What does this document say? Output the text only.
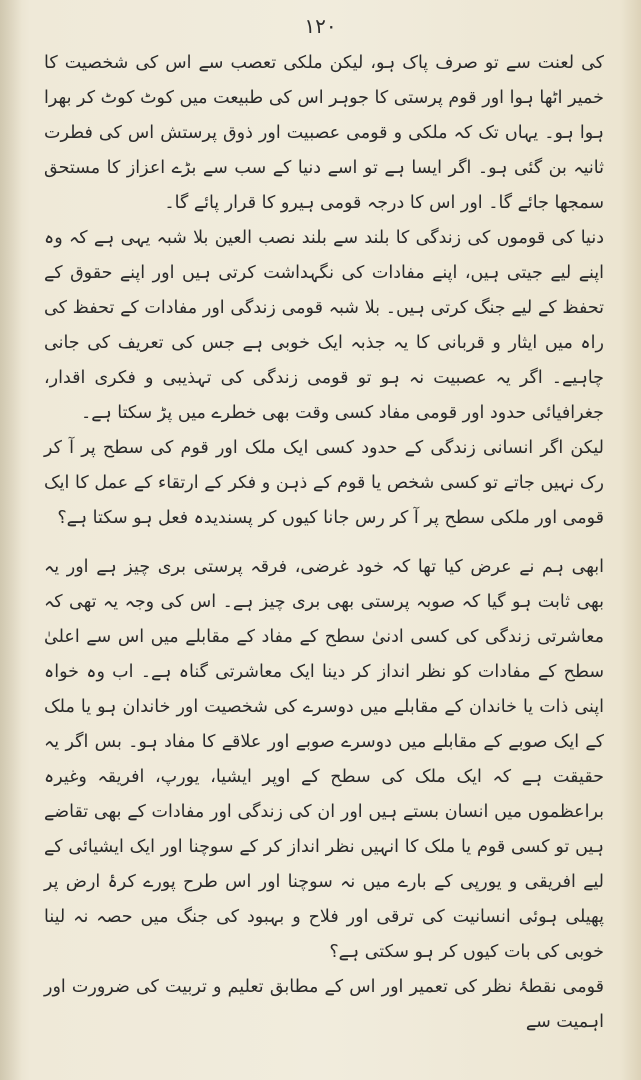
۱۲۰

کی لعنت سے تو صرف پاک ہو، لیکن ملکی تعصب سے اس کی شخصیت کا خمیر اٹھا ہوا اور قوم پرستی کا جوہر اس کی طبیعت میں کوٹ کوٹ کر بھرا ہوا ہو۔ یہاں تک کہ ملکی و قومی عصبیت اور ذوق پرستش اس کی فطرت ثانیہ بن گئی ہو۔ اگر ایسا ہے تو اسے دنیا کے سب سے بڑے اعزاز کا مستحق سمجھا جائے گا۔ اور اس کا درجہ قومی ہیرو کا قرار پائے گا۔

دنیا کی قوموں کی زندگی کا بلند سے بلند نصب العین بلا شبہ یہی ہے کہ وہ اپنے لیے جیتی ہیں، اپنے مفادات کی نگہداشت کرتی ہیں اور اپنے حقوق کے تحفظ کے لیے جنگ کرتی ہیں۔ بلا شبہ قومی زندگی اور مفادات کے تحفظ کی راہ میں ایثار و قربانی کا یہ جذبہ ایک خوبی ہے جس کی تعریف کی جانی چاہیے۔ اگر یہ عصبیت نہ ہو تو قومی زندگی کی تہذیبی و فکری اقدار، جغرافیائی حدود اور قومی مفاد کسی وقت بھی خطرے میں پڑ سکتا ہے۔

لیکن اگر انسانی زندگی کے حدود کسی ایک ملک اور قوم کی سطح پر آ کر رک نہیں جاتے تو کسی شخص یا قوم کے ذہن و فکر کے ارتقاء کے عمل کا ایک قومی اور ملکی سطح پر آ کر رس جانا کیوں کر پسندیدہ فعل ہو سکتا ہے؟

ابھی ہم نے عرض کیا تھا کہ خود غرضی، فرقہ پرستی بری چیز ہے اور یہ بھی ثابت ہو گیا کہ صوبہ پرستی بھی بری چیز ہے۔ اس کی وجہ یہ تھی کہ معاشرتی زندگی کی کسی ادنیٰ سطح کے مفاد کے مقابلے میں اس سے اعلیٰ سطح کے مفادات کو نظر انداز کر دینا ایک معاشرتی گناہ ہے۔ اب وہ خواہ اپنی ذات یا خاندان کے مقابلے میں دوسرے کی شخصیت اور خاندان ہو یا ملک کے ایک صوبے کے مقابلے میں دوسرے صوبے اور علاقے کا مفاد ہو۔ بس اگر یہ حقیقت ہے کہ ایک ملک کی سطح کے اوپر ایشیا، یورپ، افریقہ وغیرہ براعظموں میں انسان بستے ہیں اور ان کی زندگی اور مفادات کے بھی تقاضے ہیں تو کسی قوم یا ملک کا انہیں نظر انداز کر کے سوچنا اور ایک ایشیائی کے لیے افریقی و یورپی کے بارے میں نہ سوچنا اور اس طرح پورے کرۂ ارض پر پھیلی ہوئی انسانیت کی ترقی اور فلاح و بہبود کی جنگ میں حصہ نہ لینا خوبی کی بات کیوں کر ہو سکتی ہے؟

قومی نقطۂ نظر کی تعمیر اور اس کے مطابق تعلیم و تربیت کی ضرورت اور اہمیت سے
